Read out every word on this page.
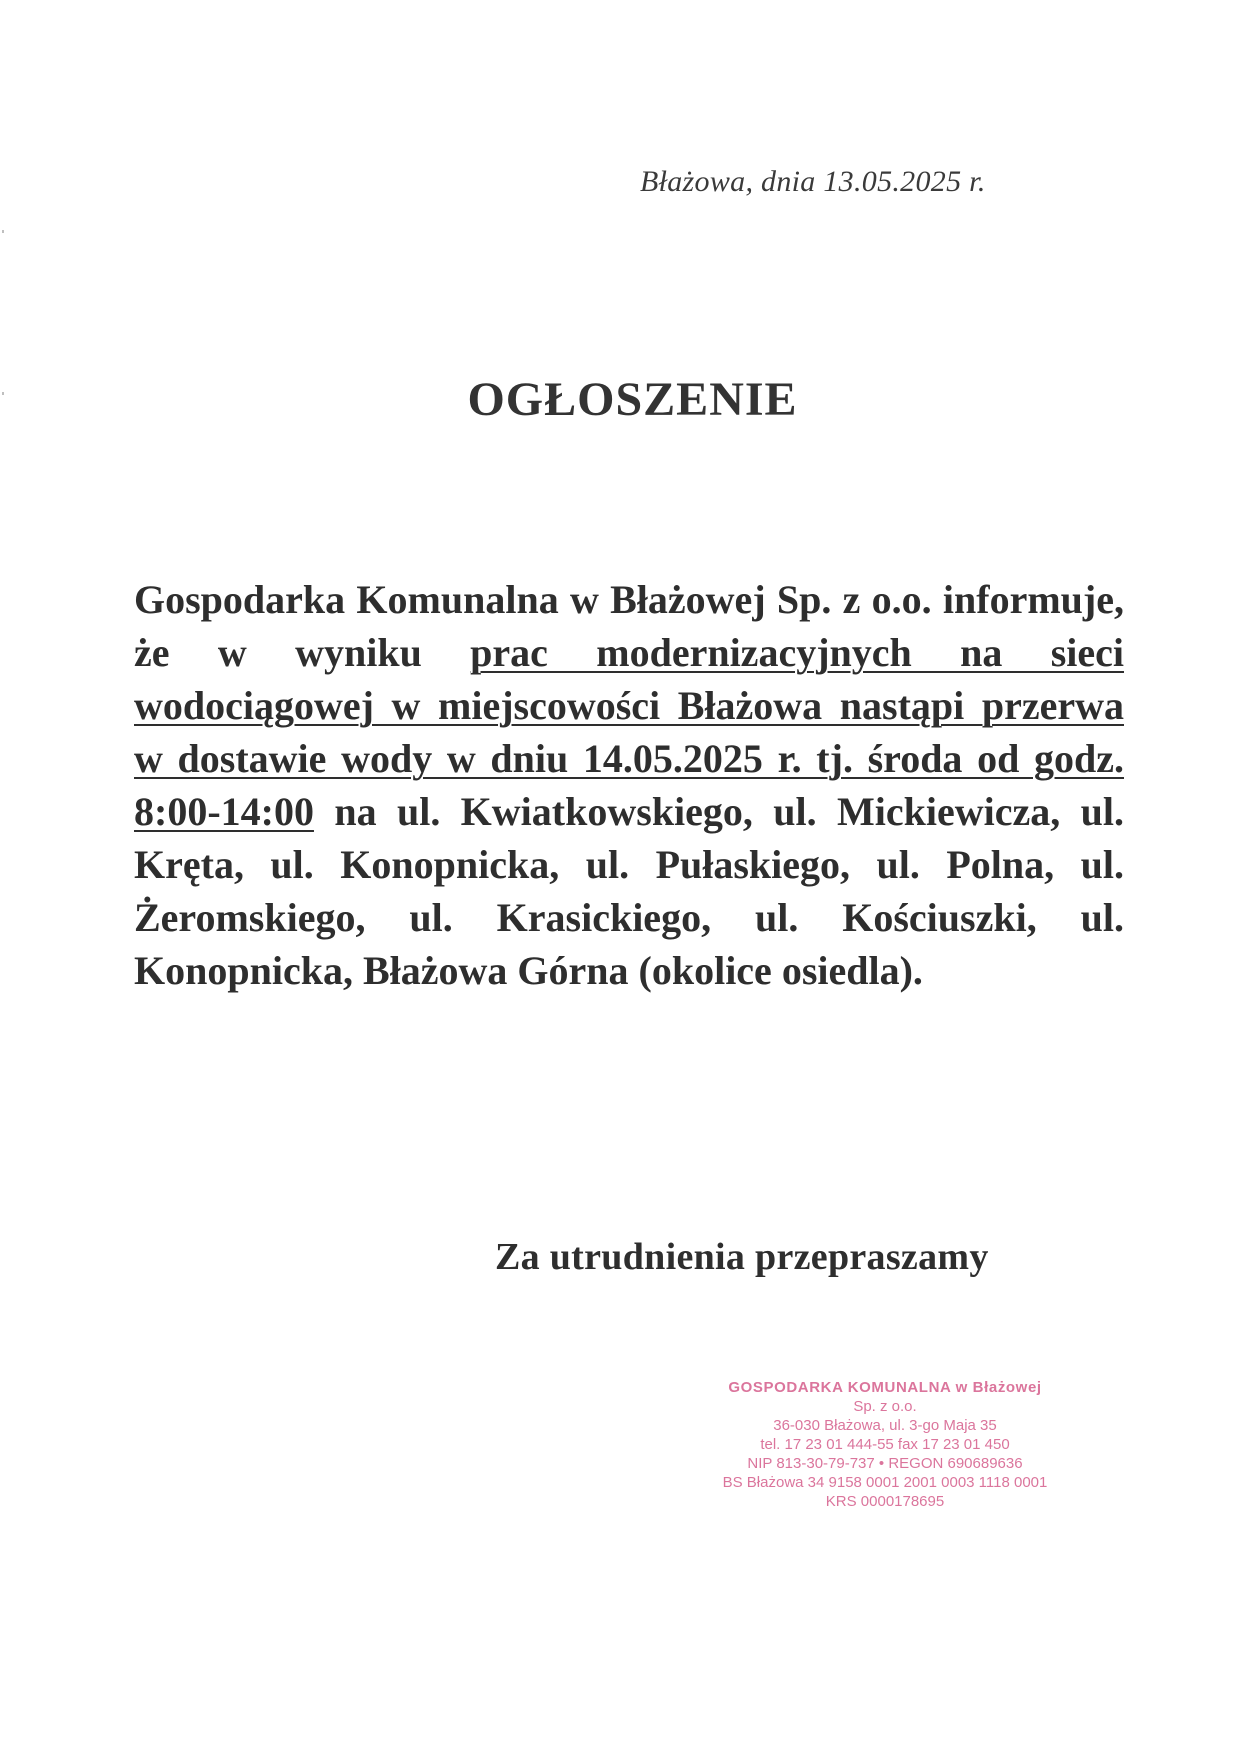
Błażowa, dnia 13.05.2025 r.
OGŁOSZENIE
Gospodarka Komunalna w Błażowej Sp. z o.o. informuje, że w wyniku prac modernizacyjnych na sieci wodociągowej w miejscowości Błażowa nastąpi przerwa w dostawie wody w dniu 14.05.2025 r. tj. środa od godz. 8:00-14:00 na ul. Kwiatkowskiego, ul. Mickiewicza, ul. Kręta, ul. Konopnicka, ul. Pułaskiego, ul. Polna, ul. Żeromskiego, ul. Krasickiego, ul. Kościuszki, ul. Konopnicka, Błażowa Górna (okolice osiedla).
Za utrudnienia przepraszamy
GOSPODARKA KOMUNALNA w Błażowej
Sp. z o.o.
36-030 Błażowa, ul. 3-go Maja 35
tel. 17 23 01 444-55 fax 17 23 01 450
NIP 813-30-79-737 • REGON 690689636
BS Błażowa 34 9158 0001 2001 0003 1118 0001
KRS 0000178695
